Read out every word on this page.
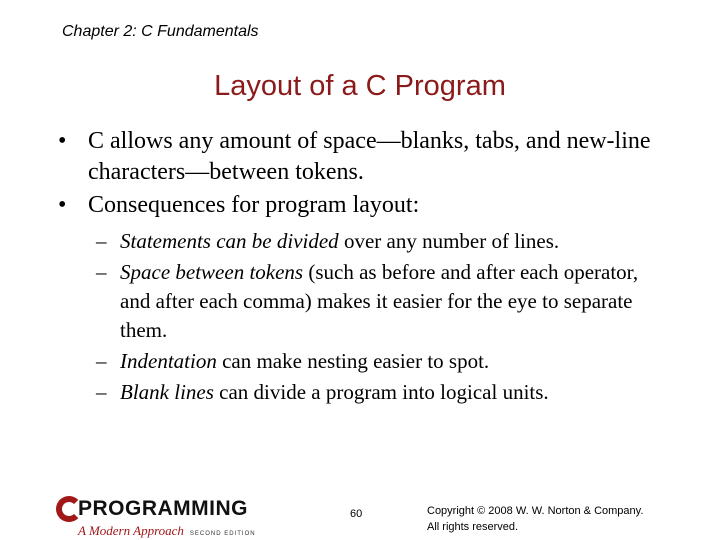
Chapter 2: C Fundamentals
Layout of a C Program
• C allows any amount of space—blanks, tabs, and new-line characters—between tokens.
• Consequences for program layout:
– Statements can be divided over any number of lines.
– Space between tokens (such as before and after each operator, and after each comma) makes it easier for the eye to separate them.
– Indentation can make nesting easier to spot.
– Blank lines can divide a program into logical units.
PROGRAMMING
A Modern Approach SECOND EDITION
60	Copyright © 2008 W. W. Norton & Company.
All rights reserved.
